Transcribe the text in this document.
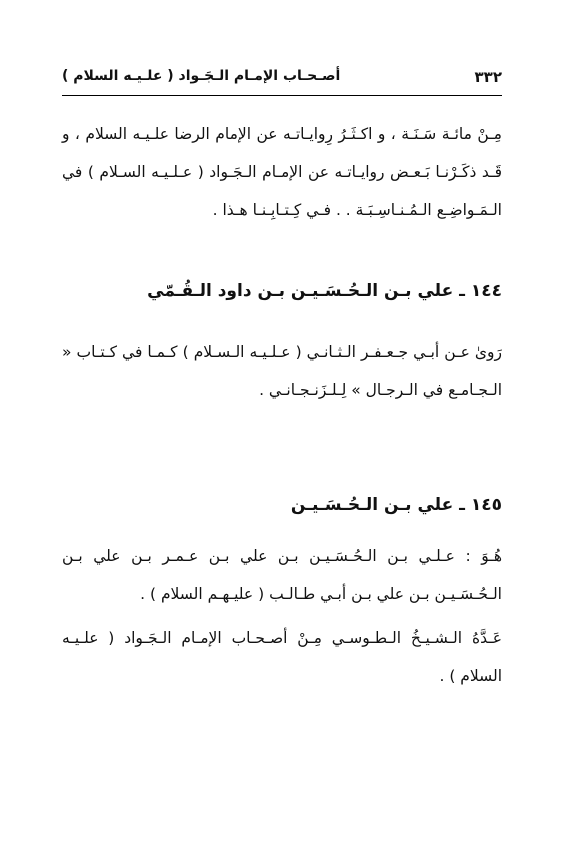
٣٣٢
أصـحـاب الإمـام الـجَـواد ( علـيـه السلام )

مِـنْ مائـة سَـنَـة ، و اكـثَـرُ رِوايـاتـه عن الإمام الرضا علـيـه السلام ، و قَـد ذكَـرْنـا بَـعـض روايـاتـه عن الإمـام الـجَـواد ( عـلـيـه السـلام ) في الـمَـواضِـع الـمُـنـاسِـبَـة . . فـي كِـتـابِـنـا هـذا .

١٤٤ ـ علي بـن الـحُـسَـيـن بـن داود الـقُـمّي

رَوىٰ عـن أبـي جـعـفـر الـثـانـي ( عـلـيـه الـسـلام ) كـمـا في كـتـاب « الـجـامـع في الـرجـال » لِـلـزَنـجـانـي .

١٤٥ ـ علي بـن الـحُـسَـيـن

هُـوَ : عـلـي بـن الـحُـسَـيـن بـن علي بـن عـمـر بـن علي بـن الـحُـسَـيـن بـن علي بـن أبـي طـالـب ( عليـهـم السلام ) .

عَـدَّهُ الـشـيـخُ الـطـوسـي مِـنْ أصـحـاب الإمـام الـجَـواد ( علـيـه السلام ) .
